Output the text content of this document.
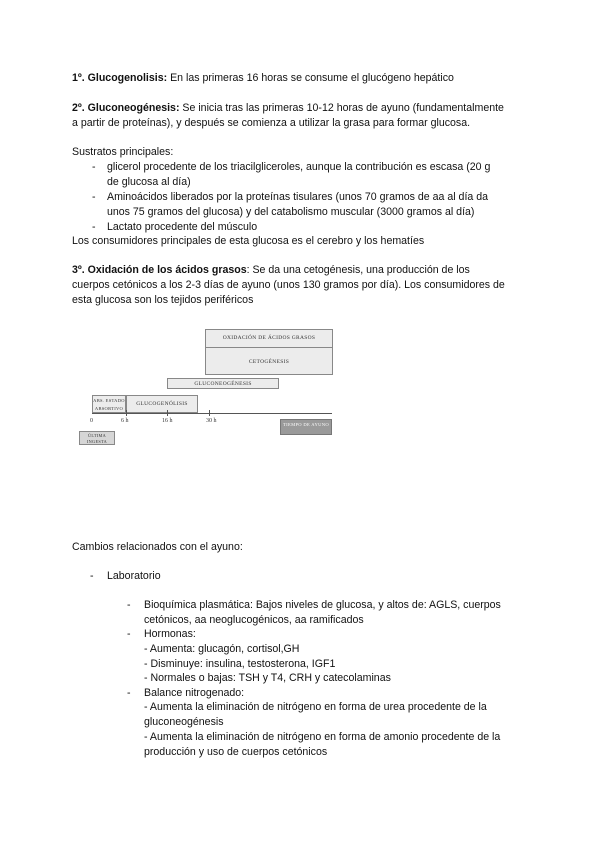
1º. Glucogenolisis: En las primeras 16 horas se consume el glucógeno hepático

2º. Gluconeogénesis: Se inicia tras las primeras 10-12 horas de ayuno (fundamentalmente

a partir de proteínas), y después se comienza a utilizar la grasa para formar glucosa.

Sustratos principales:

-	glicerol procedente de los triacilgliceroles, aunque la contribución es escasa (20 g
de glucosa al día)
-	Aminoácidos liberados por la proteínas tisulares (unos 70 gramos de aa al día da
unos 75 gramos del glucosa) y del catabolismo muscular (3000 gramos al día)
-	Lactato procedente del músculo

Los consumidores principales de esta glucosa es el cerebro y los hematíes

3º. Oxidación de los ácidos grasos: Se da una cetogénesis, una producción de los

cuerpos cetónicos a los 2-3 días de ayuno (unos 130 gramos por día). Los consumidores de

esta glucosa son los tejidos periféricos

OXIDACIÓN DE ÁCIDOS GRASOS
CETOGÉNESIS
GLUCONEOGÉNESIS
ABS. ESTADO ABSORTIVO
GLUCOGENÓLISIS
0	6 h	16 h	30 h
TIEMPO DE AYUNO
ÚLTIMA INGESTA

Cambios relacionados con el ayuno:

-	Laboratorio
-	Bioquímica plasmática: Bajos niveles de glucosa, y altos de: AGLS, cuerpos
cetónicos, aa neoglucogénicos, aa ramificados
-	Hormonas:
- Aumenta: glucagón, cortisol,GH
- Disminuye: insulina, testosterona, IGF1
- Normales o bajas: TSH y T4, CRH y catecolaminas
-	Balance nitrogenado:
- Aumenta la eliminación de nitrógeno en forma de urea procedente de la
gluconeogénesis
- Aumenta la eliminación de nitrógeno en forma de amonio procedente de la
producción y uso de cuerpos cetónicos
